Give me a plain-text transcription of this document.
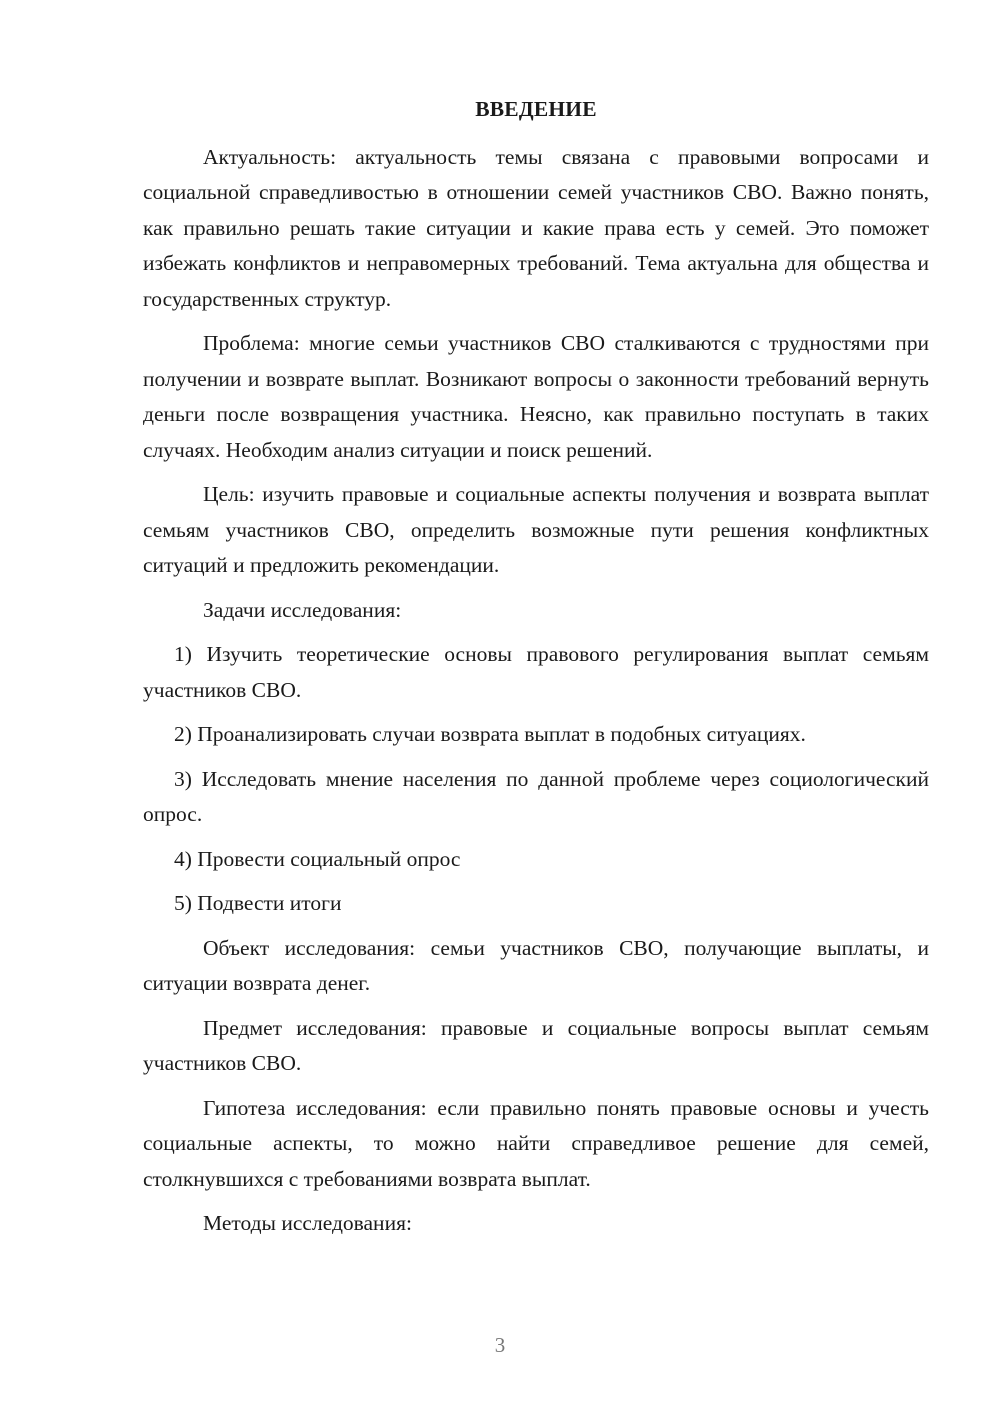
ВВЕДЕНИЕ

Актуальность: актуальность темы связана с правовыми вопросами и социальной справедливостью в отношении семей участников СВО. Важно понять, как правильно решать такие ситуации и какие права есть у семей. Это поможет избежать конфликтов и неправомерных требований. Тема актуальна для общества и государственных структур.

Проблема: многие семьи участников СВО сталкиваются с трудностями при получении и возврате выплат. Возникают вопросы о законности требований вернуть деньги после возвращения участника. Неясно, как правильно поступать в таких случаях. Необходим анализ ситуации и поиск решений.

Цель: изучить правовые и социальные аспекты получения и возврата выплат семьям участников СВО, определить возможные пути решения конфликтных ситуаций и предложить рекомендации.

Задачи исследования:

1) Изучить теоретические основы правового регулирования выплат семьям участников СВО.

2) Проанализировать случаи возврата выплат в подобных ситуациях.

3) Исследовать мнение населения по данной проблеме через социологический опрос.

4) Провести социальный опрос

5) Подвести итоги

Объект исследования: семьи участников СВО, получающие выплаты, и ситуации возврата денег.

Предмет исследования: правовые и социальные вопросы выплат семьям участников СВО.

Гипотеза исследования: если правильно понять правовые основы и учесть социальные аспекты, то можно найти справедливое решение для семей, столкнувшихся с требованиями возврата выплат.

Методы исследования:

3
